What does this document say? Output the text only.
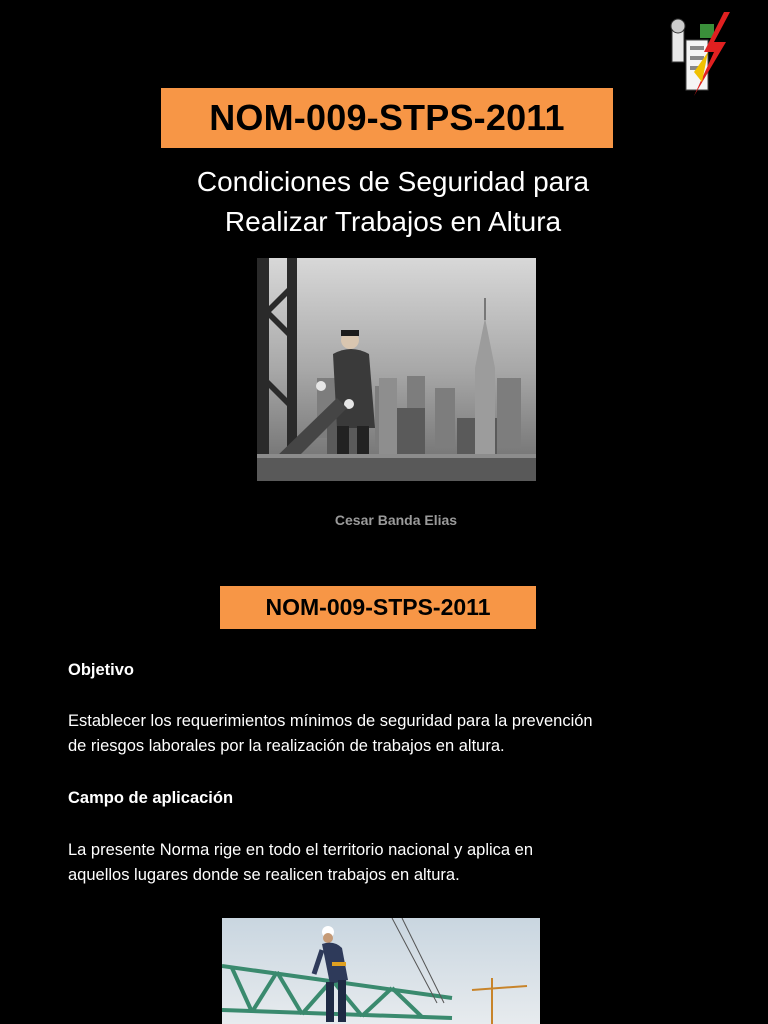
NOM-009-STPS-2011
Condiciones de Seguridad para
Realizar Trabajos en Altura
Cesar Banda Elias
NOM-009-STPS-2011
Objetivo
Establecer los requerimientos mínimos de seguridad para la prevención
de riesgos laborales por la realización de trabajos en altura.
Campo de aplicación
La presente Norma rige en todo el territorio nacional y aplica en
aquellos lugares donde se realicen trabajos en altura.
